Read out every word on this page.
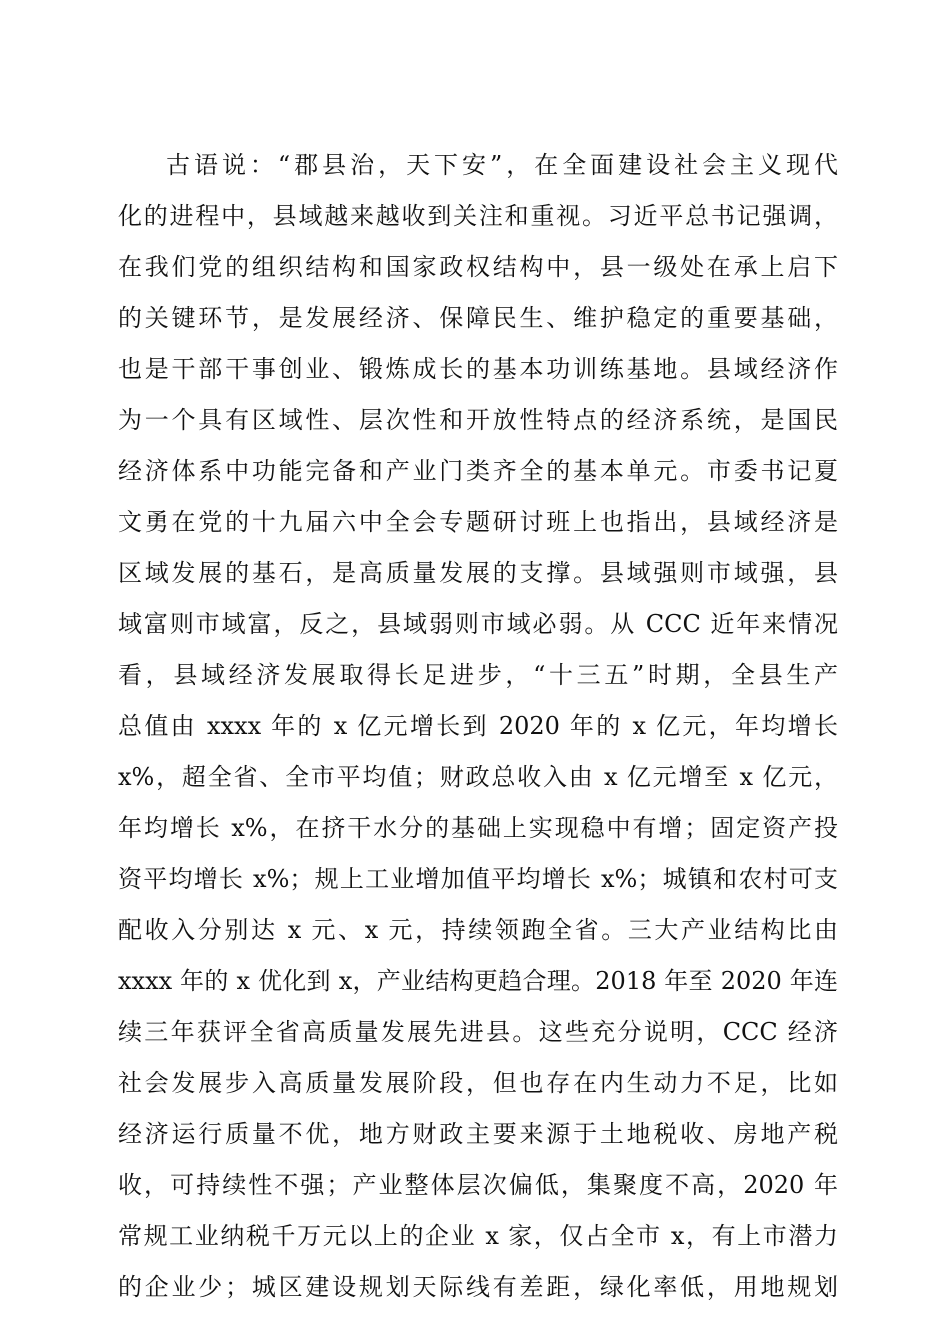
古语说：“郡县治，天下安”，在全面建设社会主义现代
化的进程中，县域越来越收到关注和重视。习近平总书记强调，
在我们党的组织结构和国家政权结构中，县一级处在承上启下
的关键环节，是发展经济、保障民生、维护稳定的重要基础，
也是干部干事创业、锻炼成长的基本功训练基地。县域经济作
为一个具有区域性、层次性和开放性特点的经济系统，是国民
经济体系中功能完备和产业门类齐全的基本单元。市委书记夏
文勇在党的十九届六中全会专题研讨班上也指出，县域经济是
区域发展的基石，是高质量发展的支撑。县域强则市域强，县
域富则市域富，反之，县域弱则市域必弱。从 CCC 近年来情况
看，县域经济发展取得长足进步，“十三五”时期，全县生产
总值由 xxxx 年的 x 亿元增长到 2020 年的 x 亿元，年均增长
x%，超全省、全市平均值；财政总收入由 x 亿元增至 x 亿元，
年均增长 x%，在挤干水分的基础上实现稳中有增；固定资产投
资平均增长 x%；规上工业增加值平均增长 x%；城镇和农村可支
配收入分别达 x 元、x 元，持续领跑全省。三大产业结构比由
xxxx 年的 x 优化到 x，产业结构更趋合理。2018 年至 2020 年连
续三年获评全省高质量发展先进县。这些充分说明，CCC 经济
社会发展步入高质量发展阶段，但也存在内生动力不足，比如
经济运行质量不优，地方财政主要来源于土地税收、房地产税
收，可持续性不强；产业整体层次偏低，集聚度不高，2020 年
常规工业纳税千万元以上的企业 x 家，仅占全市 x，有上市潜力
的企业少；城区建设规划天际线有差距，绿化率低，用地规划
